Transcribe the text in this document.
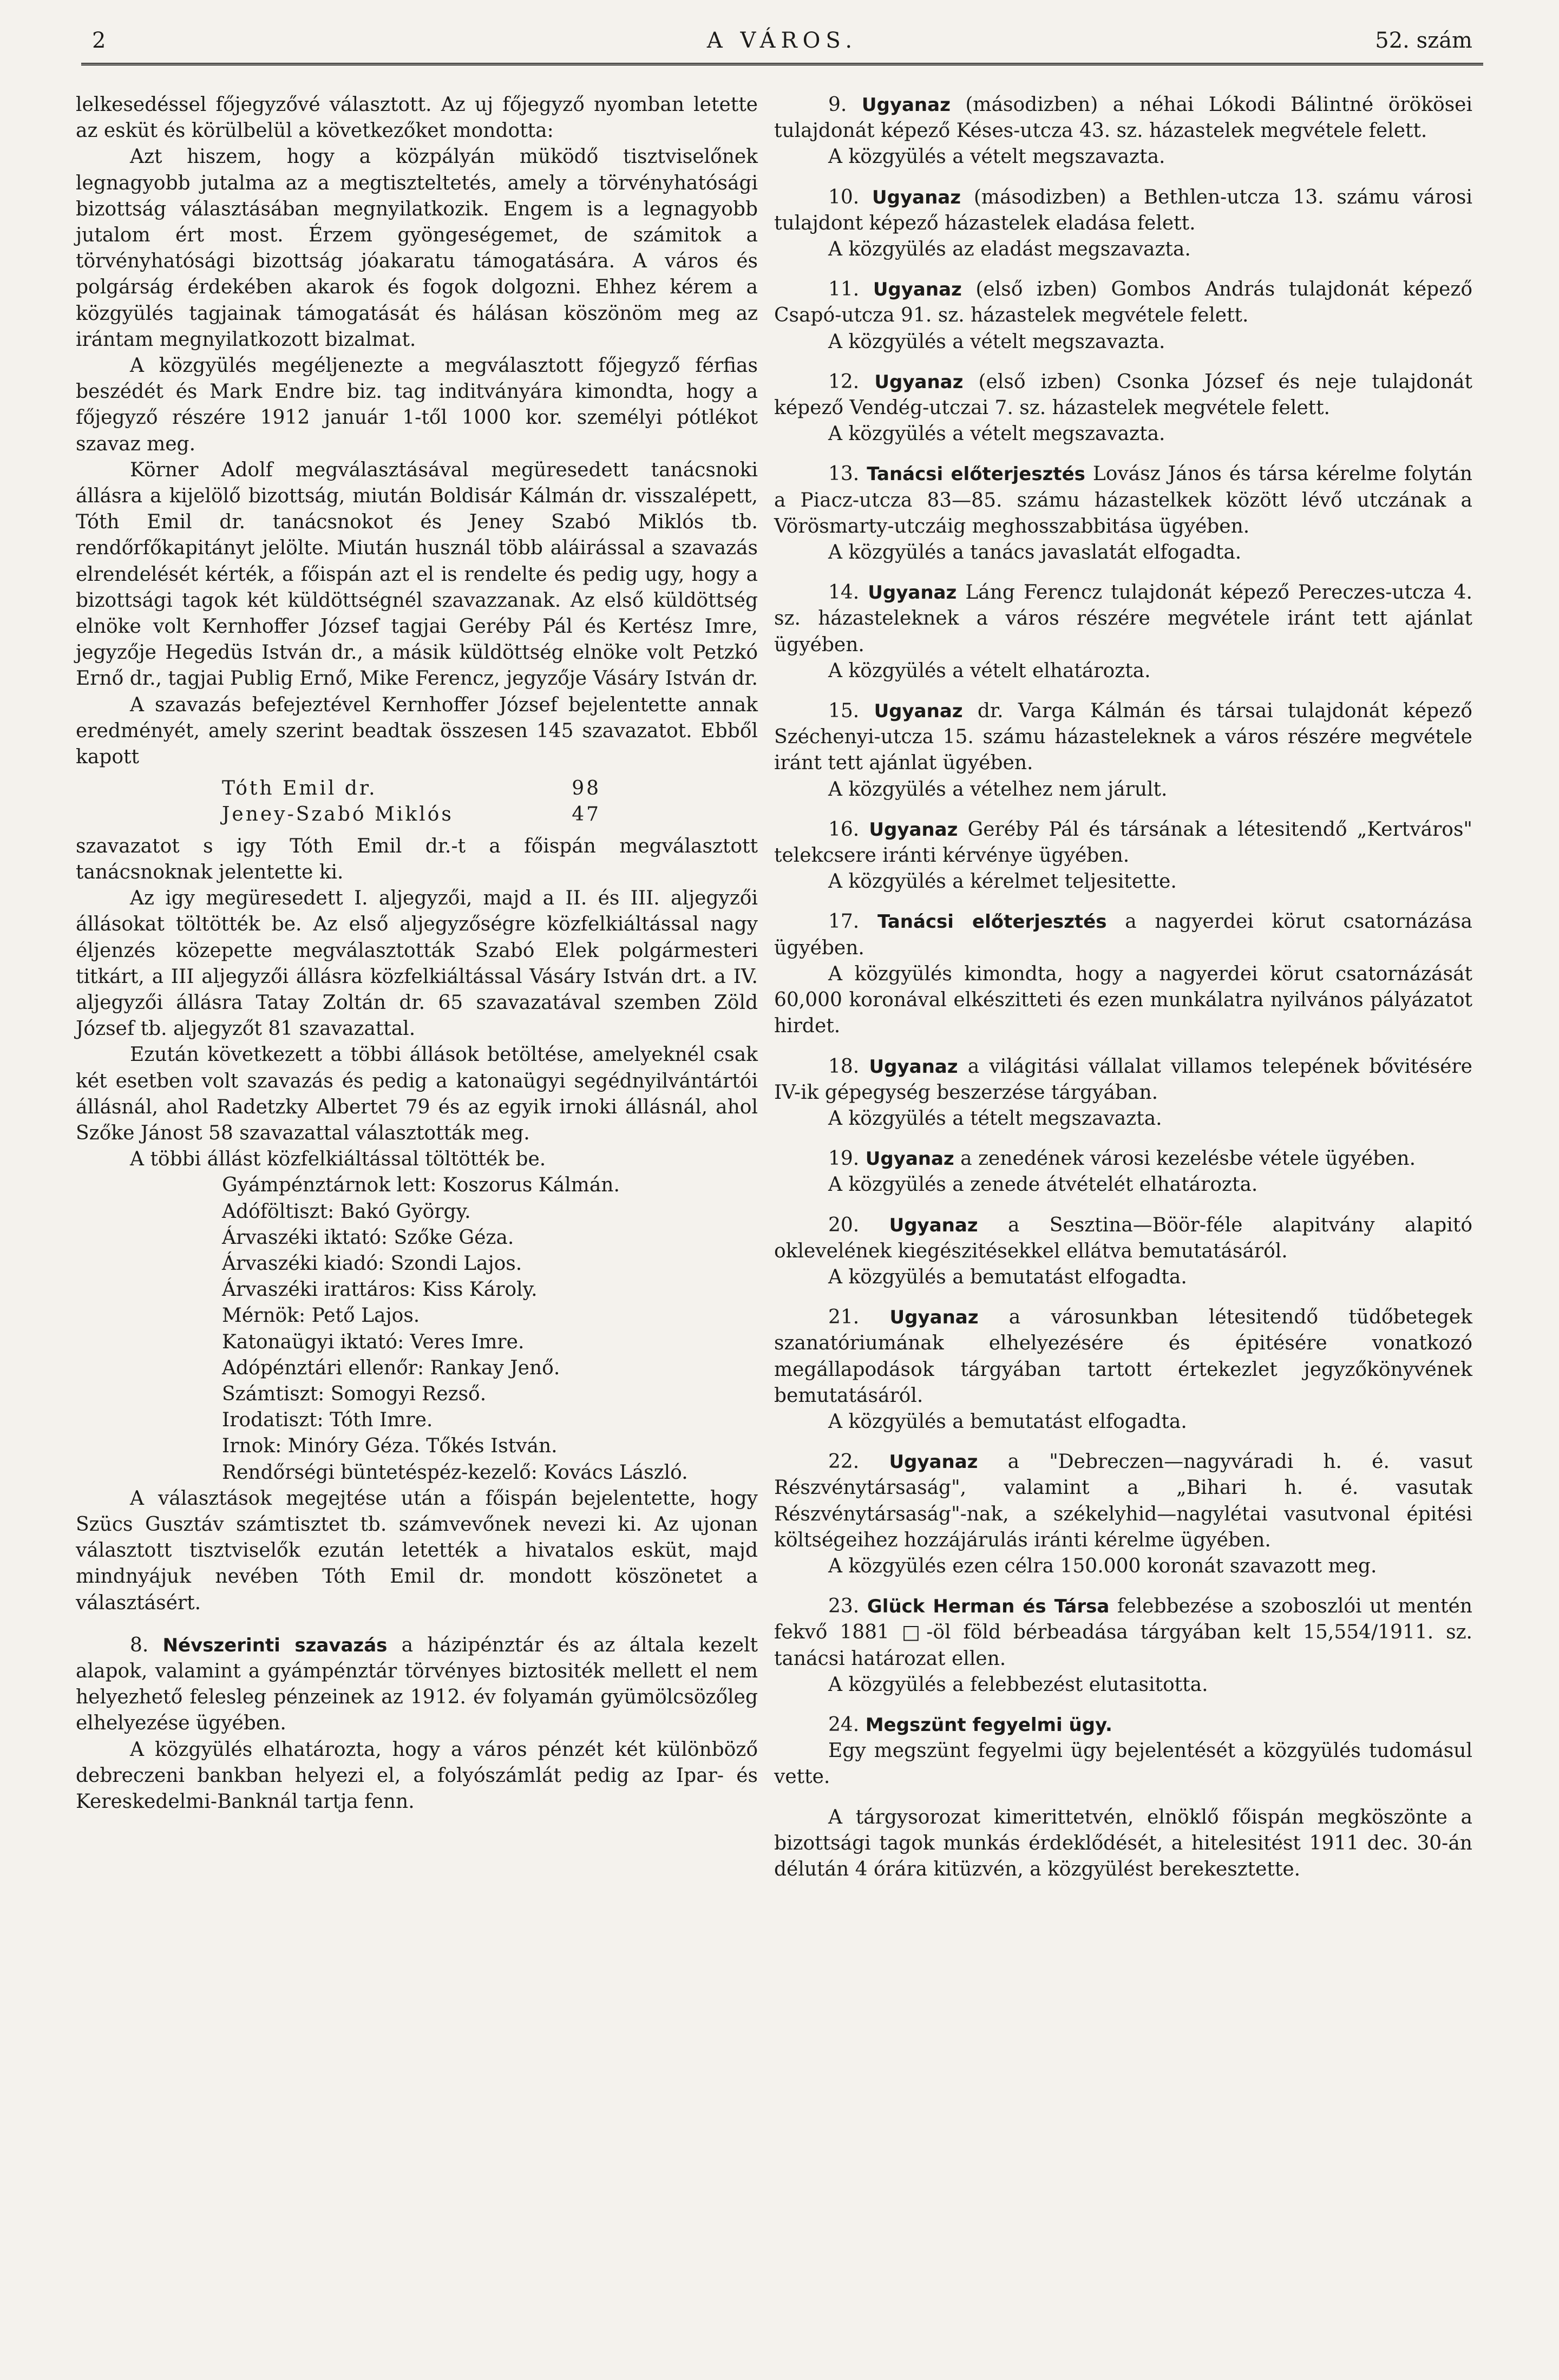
2	A VÁROS.	52. szám

lelkesedéssel főjegyzővé választott. Az uj főjegyző nyomban letette az esküt és körülbelül a következőket mondotta:

Azt hiszem, hogy a közpályán müködő tisztviselőnek legnagyobb jutalma az a megtiszteltetés, amely a törvényhatósági bizottság választásában megnyilatkozik. Engem is a legnagyobb jutalom ért most. Érzem gyöngeségemet, de számitok a törvényhatósági bizottság jóakaratu támogatására. A város és polgárság érdekében akarok és fogok dolgozni. Ehhez kérem a közgyülés tagjainak támogatását és hálásan köszönöm meg az irántam megnyilatkozott bizalmat.

A közgyülés megéljenezte a megválasztott főjegyző férfias beszédét és Mark Endre biz. tag inditványára kimondta, hogy a főjegyző részére 1912 január 1-től 1000 kor. személyi pótlékot szavaz meg.

Körner Adolf megválasztásával megüresedett tanácsnoki állásra a kijelölő bizottság, miután Boldisár Kálmán dr. visszalépett, Tóth Emil dr. tanácsnokot és Jeney Szabó Miklós tb. rendőrfőkapitányt jelölte. Miután husznál több aláirással a szavazás elrendelését kérték, a főispán azt el is rendelte és pedig ugy, hogy a bizottsági tagok két küldöttségnél szavazzanak. Az első küldöttség elnöke volt Kernhoffer József tagjai Geréby Pál és Kertész Imre, jegyzője Hegedüs István dr., a másik küldöttség elnöke volt Petzkó Ernő dr., tagjai Publig Ernő, Mike Ferencz, jegyzője Vásáry István dr.

A szavazás befejeztével Kernhoffer József bejelentette annak eredményét, amely szerint beadtak összesen 145 szavazatot. Ebből kapott

Tóth Emil dr.	98
Jeney-Szabó Miklós	47

szavazatot s igy Tóth Emil dr.-t a főispán megválasztott tanácsnoknak jelentette ki.

Az igy megüresedett I. aljegyzői, majd a II. és III. aljegyzői állásokat töltötték be. Az első aljegyzőségre közfelkiáltással nagy éljenzés közepette megválasztották Szabó Elek polgármesteri titkárt, a III aljegyzői állásra közfelkiáltással Vásáry István drt. a IV. aljegyzői állásra Tatay Zoltán dr. 65 szavazatával szemben Zöld József tb. aljegyzőt 81 szavazattal.

Ezután következett a többi állások betöltése, amelyeknél csak két esetben volt szavazás és pedig a katonaügyi segédnyilvántártói állásnál, ahol Radetzky Albertet 79 és az egyik irnoki állásnál, ahol Szőke Jánost 58 szavazattal választották meg.

A többi állást közfelkiáltással töltötték be.

Gyámpénztárnok lett: Koszorus Kálmán.

Adóföltiszt: Bakó György.

Árvaszéki iktató: Szőke Géza.

Árvaszéki kiadó: Szondi Lajos.

Árvaszéki irattáros: Kiss Károly.

Mérnök: Pető Lajos.

Katonaügyi iktató: Veres Imre.

Adópénztári ellenőr: Rankay Jenő.

Számtiszt: Somogyi Rezső.

Irodatiszt: Tóth Imre.

Irnok: Minóry Géza. Tőkés István.

Rendőrségi büntetéspéz-kezelő: Kovács László.

A választások megejtése után a főispán bejelentette, hogy Szücs Gusztáv számtisztet tb. számvevőnek nevezi ki. Az ujonan választott tisztviselők ezután letették a hivatalos esküt, majd mindnyájuk nevében Tóth Emil dr. mondott köszönetet a választásért.

8. Névszerinti szavazás a házipénztár és az általa kezelt alapok, valamint a gyámpénztár törvényes biztositék mellett el nem helyezhető felesleg pénzeinek az 1912. év folyamán gyümölcsözőleg elhelyezése ügyében.

A közgyülés elhatározta, hogy a város pénzét két különböző debreczeni bankban helyezi el, a folyószámlát pedig az Ipar- és Kereskedelmi-Banknál tartja fenn.

9. Ugyanaz (másodizben) a néhai Lókodi Bálintné örökösei tulajdonát képező Késes-utcza 43. sz. házastelek megvétele felett.

A közgyülés a vételt megszavazta.

10. Ugyanaz (másodizben) a Bethlen-utcza 13. számu városi tulajdont képező házastelek eladása felett.

A közgyülés az eladást megszavazta.

11. Ugyanaz (első izben) Gombos András tulajdonát képező Csapó-utcza 91. sz. házastelek megvétele felett.

A közgyülés a vételt megszavazta.

12. Ugyanaz (első izben) Csonka József és neje tulajdonát képező Vendég-utczai 7. sz. házastelek megvétele felett.

A közgyülés a vételt megszavazta.

13. Tanácsi előterjesztés Lovász János és társa kérelme folytán a Piacz-utcza 83—85. számu házastelkek között lévő utczának a Vörösmarty-utczáig meghosszabbitása ügyében.

A közgyülés a tanács javaslatát elfogadta.

14. Ugyanaz Láng Ferencz tulajdonát képező Pereczes-utcza 4. sz. házasteleknek a város részére megvétele iránt tett ajánlat ügyében.

A közgyülés a vételt elhatározta.

15. Ugyanaz dr. Varga Kálmán és társai tulajdonát képező Széchenyi-utcza 15. számu házasteleknek a város részére megvétele iránt tett ajánlat ügyében.

A közgyülés a vételhez nem járult.

16. Ugyanaz Geréby Pál és társának a létesitendő „Kertváros" telekcsere iránti kérvénye ügyében.

A közgyülés a kérelmet teljesitette.

17. Tanácsi előterjesztés a nagyerdei körut csatornázása ügyében.

A közgyülés kimondta, hogy a nagyerdei körut csatornázását 60,000 koronával elkészitteti és ezen munkálatra nyilvános pályázatot hirdet.

18. Ugyanaz a világitási vállalat villamos telepének bővitésére IV-ik gépegység beszerzése tárgyában.

A közgyülés a tételt megszavazta.

19. Ugyanaz a zenedének városi kezelésbe vétele ügyében.

A közgyülés a zenede átvételét elhatározta.

20. Ugyanaz a Sesztina—Böör-féle alapitvány alapitó oklevelének kiegészitésekkel ellátva bemutatásáról.

A közgyülés a bemutatást elfogadta.

21. Ugyanaz a városunkban létesitendő tüdőbetegek szanatóriumának elhelyezésére és épitésére vonatkozó megállapodások tárgyában tartott értekezlet jegyzőkönyvének bemutatásáról.

A közgyülés a bemutatást elfogadta.

22. Ugyanaz a "Debreczen—nagyváradi h. é. vasut Részvénytársaság", valamint a „Bihari h. é. vasutak Részvénytársaság"-nak, a székelyhid—nagylétai vasutvonal épitési költségeihez hozzájárulás iránti kérelme ügyében.

A közgyülés ezen célra 150.000 koronát szavazott meg.

23. Glück Herman és Társa felebbezése a szoboszlói ut mentén fekvő 1881 □-öl föld bérbeadása tárgyában kelt 15,554/1911. sz. tanácsi határozat ellen.

A közgyülés a felebbezést elutasitotta.

24. Megszünt fegyelmi ügy.

Egy megszünt fegyelmi ügy bejelentését a közgyülés tudomásul vette.

A tárgysorozat kimerittetvén, elnöklő főispán megköszönte a bizottsági tagok munkás érdeklődését, a hitelesitést 1911 dec. 30-án délután 4 órára kitüzvén, a közgyülést berekesztette.
